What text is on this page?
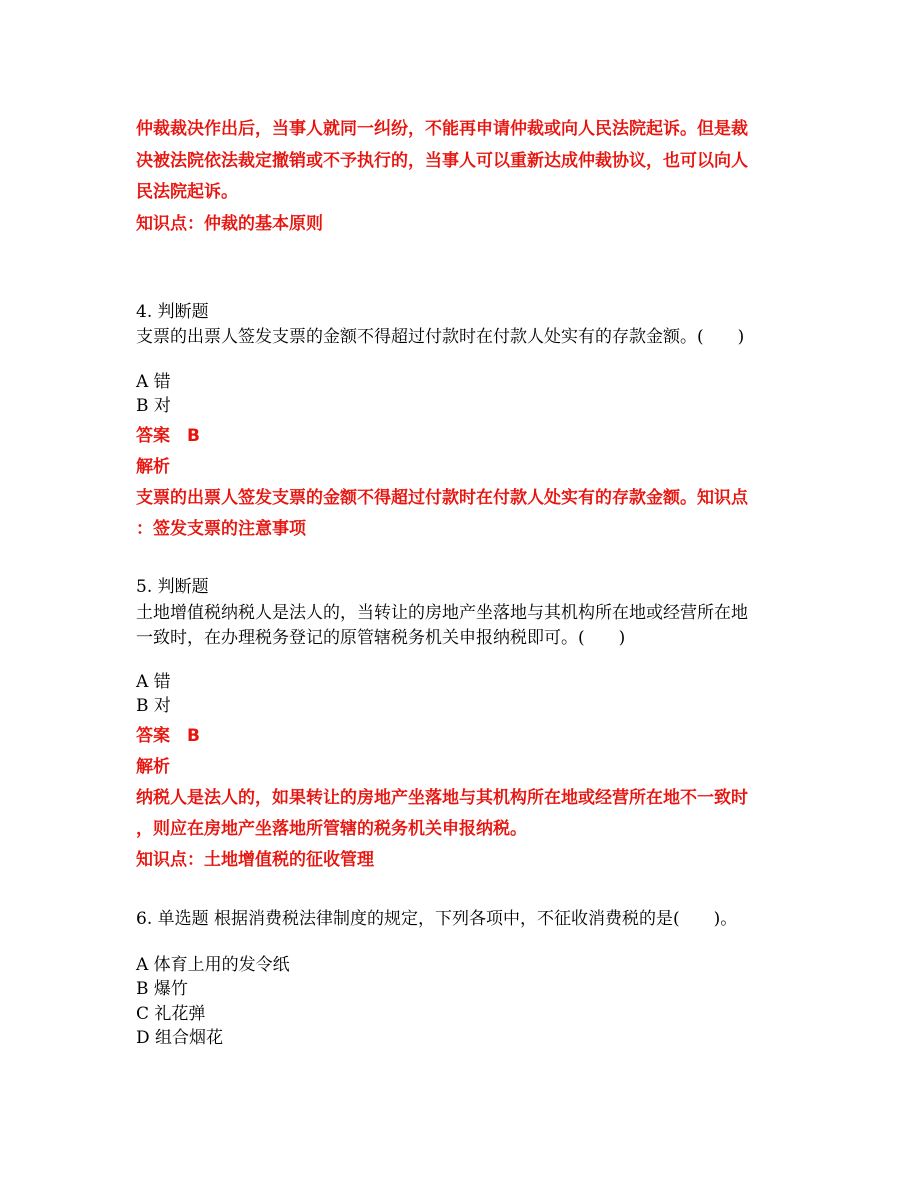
仲裁裁决作出后，当事人就同一纠纷，不能再申请仲裁或向人民法院起诉。但是裁
决被法院依法裁定撤销或不予执行的，当事人可以重新达成仲裁协议，也可以向人
民法院起诉。
知识点：仲裁的基本原则
4. 判断题
支票的出票人签发支票的金额不得超过付款时在付款人处实有的存款金额。(　　)
A 错
B 对
答案　B
解析
支票的出票人签发支票的金额不得超过付款时在付款人处实有的存款金额。知识点
：签发支票的注意事项
5. 判断题
土地增值税纳税人是法人的，当转让的房地产坐落地与其机构所在地或经营所在地
一致时，在办理税务登记的原管辖税务机关申报纳税即可。(　　)
A 错
B 对
答案　B
解析
纳税人是法人的，如果转让的房地产坐落地与其机构所在地或经营所在地不一致时
，则应在房地产坐落地所管辖的税务机关申报纳税。
知识点：土地增值税的征收管理
6. 单选题 根据消费税法律制度的规定，下列各项中，不征收消费税的是(　　)。
A 体育上用的发令纸
B 爆竹
C 礼花弹
D 组合烟花
